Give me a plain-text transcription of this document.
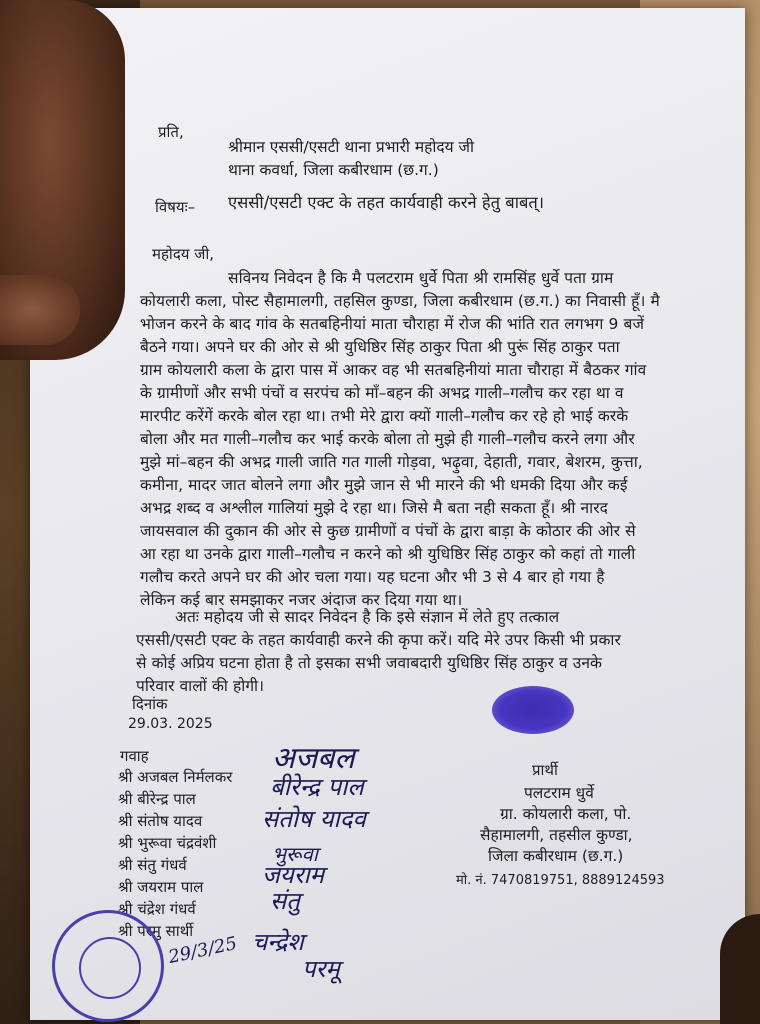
प्रति,
श्रीमान एससी/एसटी थाना प्रभारी महोदय जी
थाना कवर्धा, जिला कबीरधाम (छ.ग.)
विषयः– एससी/एसटी एक्ट के तहत कार्यवाही करने हेतु बाबत्।
महोदय जी,
सविनय निवेदन है कि मै पलटराम धुर्वे पिता श्री रामसिंह धुर्वे पता ग्राम
कोयलारी कला, पोस्ट सैहामालगी, तहसिल कुण्डा, जिला कबीरधाम (छ.ग.) का निवासी हूँ। मै
भोजन करने के बाद गांव के सतबहिनीयां माता चौराहा में रोज की भांति रात लगभग 9 बजें
बैठने गया। अपने घर की ओर से श्री युधिष्ठिर सिंह ठाकुर पिता श्री पुरूं सिंह ठाकुर पता
ग्राम कोयलारी कला के द्वारा पास में आकर वह भी सतबहिनीयां माता चौराहा में बैठकर गांव
के ग्रामीणों और सभी पंचों व सरपंच को माँ–बहन की अभद्र गाली–गलौच कर रहा था व
मारपीट करेंगें करके बोल रहा था। तभी मेरे द्वारा क्यों गाली–गलौच कर रहे हो भाई करके
बोला और मत गाली–गलौच कर भाई करके बोला तो मुझे ही गाली–गलौच करने लगा और
मुझे मां–बहन की अभद्र गाली जाति गत गाली गोड़वा, भढ़ुवा, देहाती, गवार, बेशरम, कुत्ता,
कमीना, मादर जात बोलने लगा और मुझे जान से भी मारने की भी धमकी दिया और कई
अभद्र शब्द व अश्लील गालियां मुझे दे रहा था। जिसे मै बता नही सकता हूँ। श्री नारद
जायसवाल की दुकान की ओर से कुछ ग्रामीणों व पंचों के द्वारा बाड़ा के कोठार की ओर से
आ रहा था उनके द्वारा गाली–गलौच न करने को श्री युधिष्ठिर सिंह ठाकुर को कहां तो गाली
गलौच करते अपने घर की ओर चला गया। यह घटना और भी 3 से 4 बार हो गया है
लेकिन कई बार समझाकर नजर अंदाज कर दिया गया था।
अतः महोदय जी से सादर निवेदन है कि इसे संज्ञान में लेते हुए तत्काल
एससी/एसटी एक्ट के तहत कार्यवाही करने की कृपा करें। यदि मेरे उपर किसी भी प्रकार
से कोई अप्रिय घटना होता है तो इसका सभी जवाबदारी युधिष्ठिर सिंह ठाकुर व उनके
परिवार वालों की होगी।
दिनांक
29.03. 2025
गवाह
श्री अजबल निर्मलकर
श्री बीरेन्द्र पाल
श्री संतोष यादव
श्री भुरूवा चंद्रवंशी
श्री संतु गंधर्व
श्री जयराम पाल
श्री चंद्रेश गंधर्व
श्री परमु सार्थी
अजबल
बीरेन्द्र पाल
संतोष यादव
भुरूवा
जयराम
संतु
चन्द्रेश
परमू
29/3/25
प्रार्थी
पलटराम धुर्वे
ग्रा. कोयलारी कला, पो.
सैहामालगी, तहसील कुण्डा,
जिला कबीरधाम (छ.ग.)
मो. नं. 7470819751, 8889124593
